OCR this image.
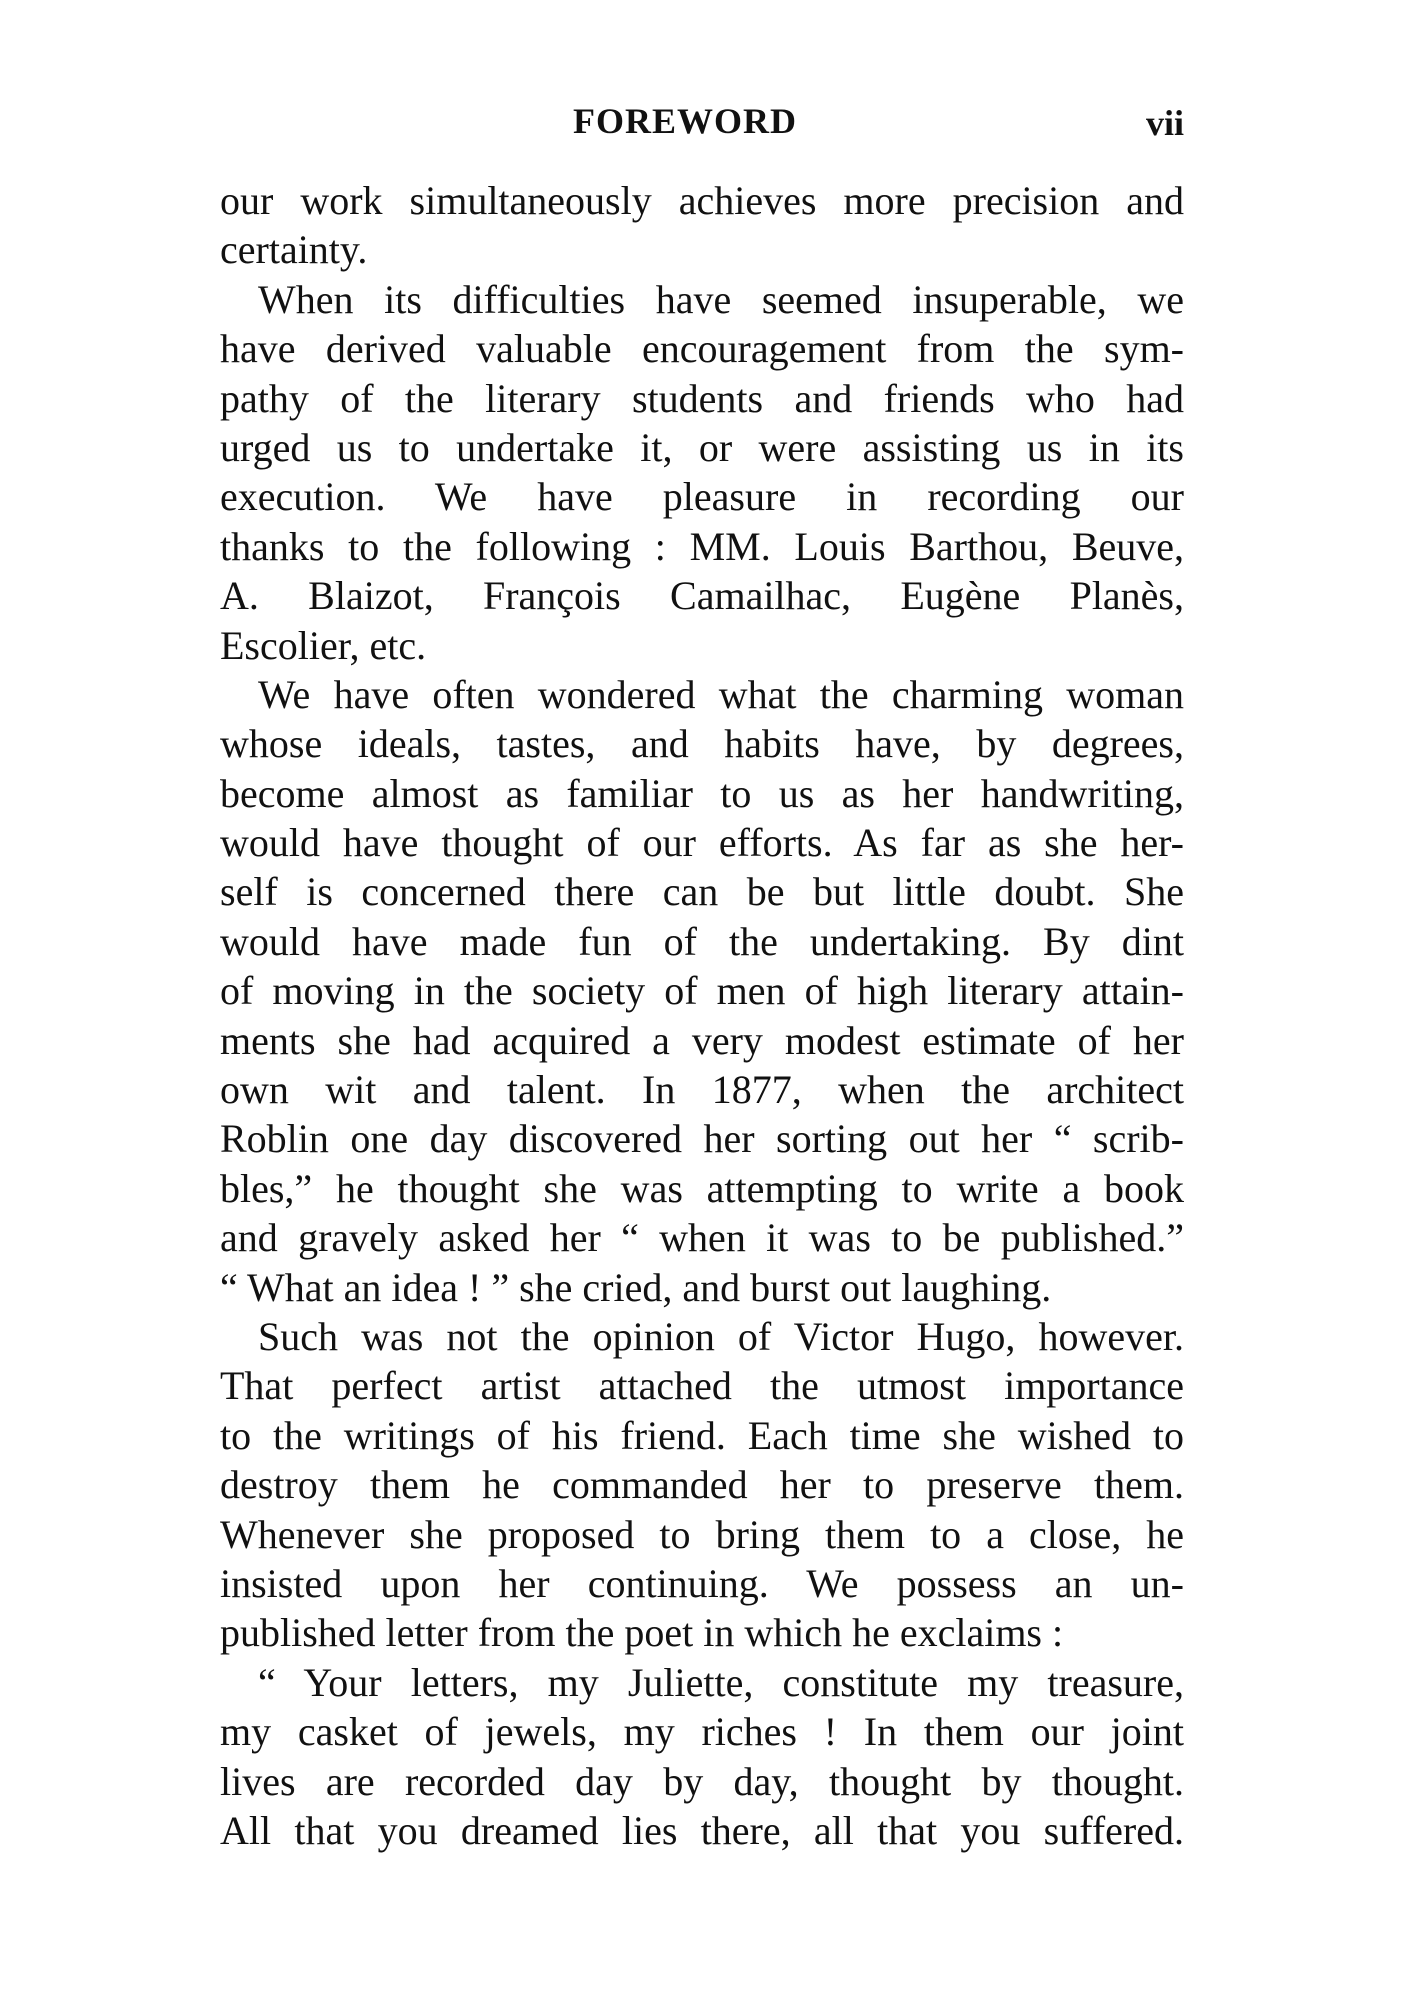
FOREWORD	vii
our work simultaneously achieves more precision and
certainty.
When its difficulties have seemed insuperable, we
have derived valuable encouragement from the sym-
pathy of the literary students and friends who had
urged us to undertake it, or were assisting us in its
execution. We have pleasure in recording our
thanks to the following : MM. Louis Barthou, Beuve,
A. Blaizot, François Camailhac, Eugène Planès,
Escolier, etc.
We have often wondered what the charming woman
whose ideals, tastes, and habits have, by degrees,
become almost as familiar to us as her handwriting,
would have thought of our efforts. As far as she her-
self is concerned there can be but little doubt. She
would have made fun of the undertaking. By dint
of moving in the society of men of high literary attain-
ments she had acquired a very modest estimate of her
own wit and talent. In 1877, when the architect
Roblin one day discovered her sorting out her “ scrib-
bles,” he thought she was attempting to write a book
and gravely asked her “ when it was to be published.”
“ What an idea ! ” she cried, and burst out laughing.
Such was not the opinion of Victor Hugo, however.
That perfect artist attached the utmost importance
to the writings of his friend. Each time she wished to
destroy them he commanded her to preserve them.
Whenever she proposed to bring them to a close, he
insisted upon her continuing. We possess an un-
published letter from the poet in which he exclaims :
“ Your letters, my Juliette, constitute my treasure,
my casket of jewels, my riches ! In them our joint
lives are recorded day by day, thought by thought.
All that you dreamed lies there, all that you suffered.
